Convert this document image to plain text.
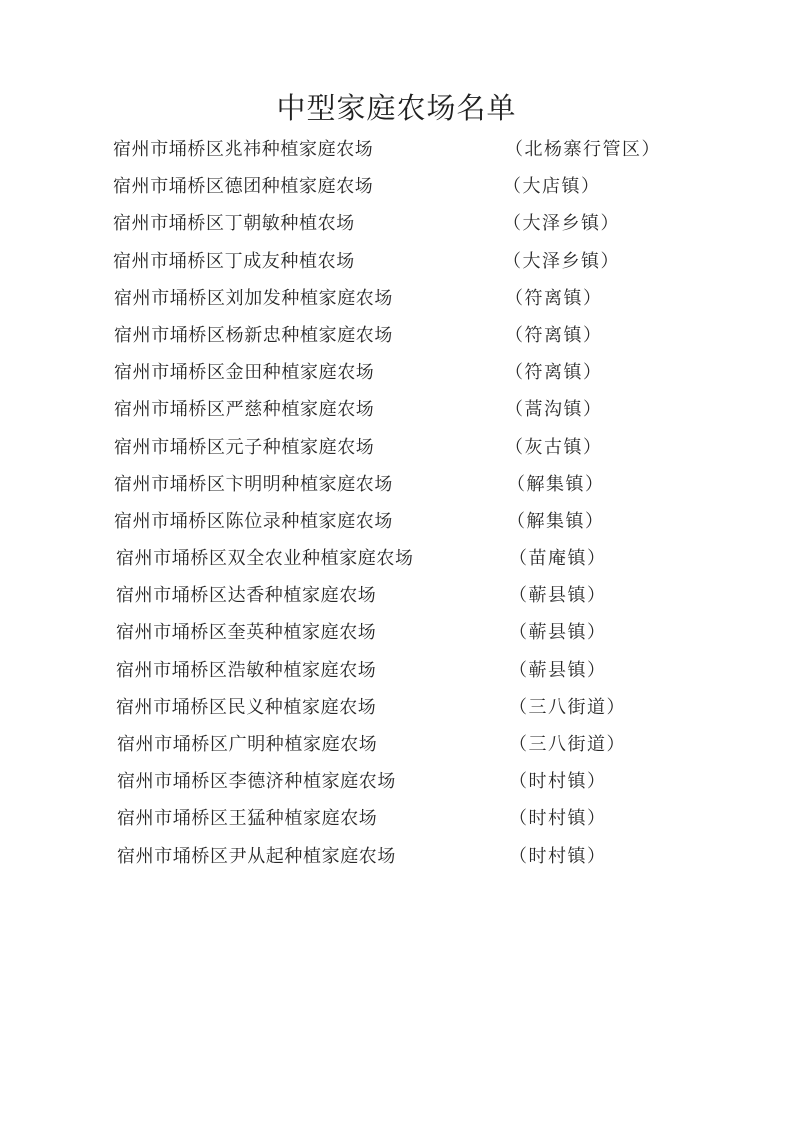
中型家庭农场名单
宿州市埇桥区兆祎种植家庭农场	（北杨寨行管区）
宿州市埇桥区德团种植家庭农场	（大店镇）
宿州市埇桥区丁朝敏种植农场	（大泽乡镇）
宿州市埇桥区丁成友种植农场	（大泽乡镇）
宿州市埇桥区刘加发种植家庭农场	（符离镇）
宿州市埇桥区杨新忠种植家庭农场	（符离镇）
宿州市埇桥区金田种植家庭农场	（符离镇）
宿州市埇桥区严慈种植家庭农场	（蒿沟镇）
宿州市埇桥区元子种植家庭农场	（灰古镇）
宿州市埇桥区卞明明种植家庭农场	（解集镇）
宿州市埇桥区陈位录种植家庭农场	（解集镇）
宿州市埇桥区双全农业种植家庭农场	（苗庵镇）
宿州市埇桥区达香种植家庭农场	（蕲县镇）
宿州市埇桥区奎英种植家庭农场	（蕲县镇）
宿州市埇桥区浩敏种植家庭农场	（蕲县镇）
宿州市埇桥区民义种植家庭农场	（三八街道）
宿州市埇桥区广明种植家庭农场	（三八街道）
宿州市埇桥区李德济种植家庭农场	（时村镇）
宿州市埇桥区王猛种植家庭农场	（时村镇）
宿州市埇桥区尹从起种植家庭农场	（时村镇）
